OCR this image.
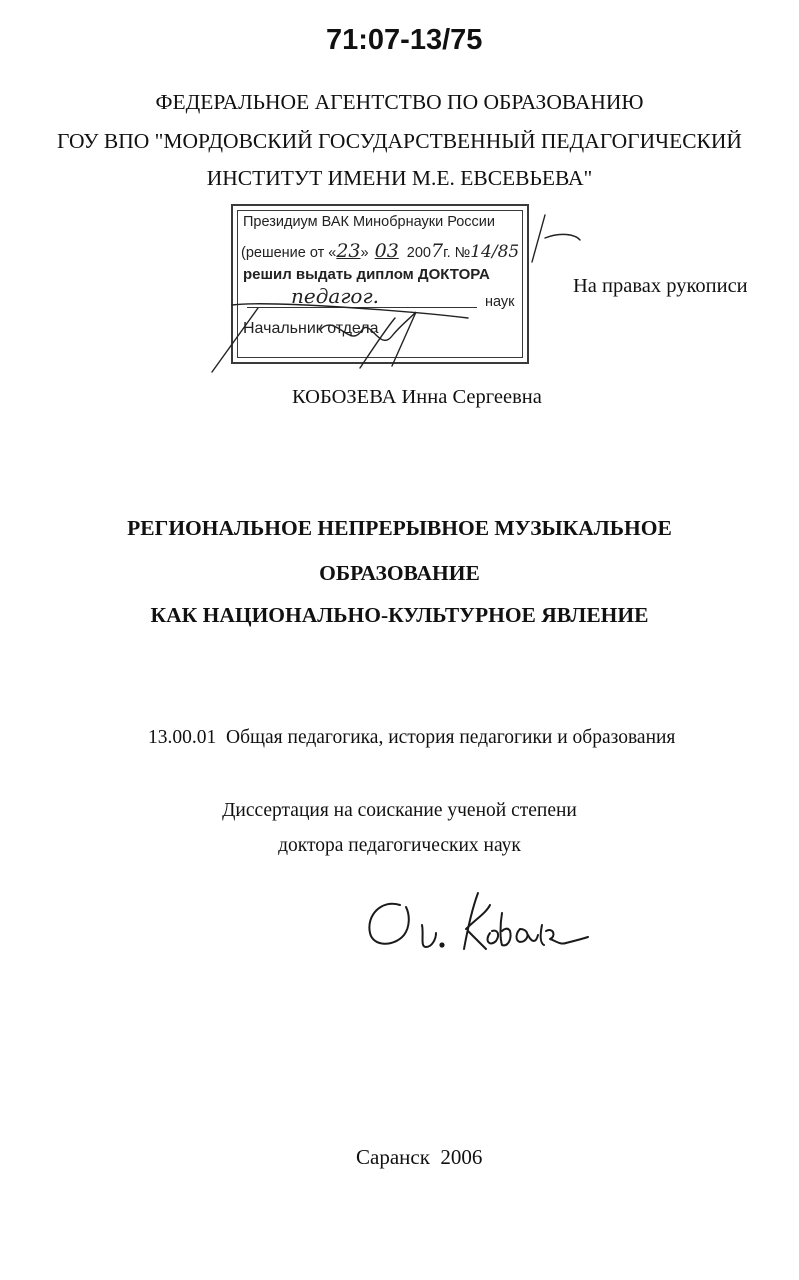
71:07-13/75
ФЕДЕРАЛЬНОЕ АГЕНТСТВО ПО ОБРАЗОВАНИЮ
ГОУ ВПО "МОРДОВСКИЙ ГОСУДАРСТВЕННЫЙ ПЕДАГОГИЧЕСКИЙ
ИНСТИТУТ ИМЕНИ М.Е. ЕВСЕВЬЕВА"
Президиум ВАК Минобрнауки России
(решение от «23» 03 2007г. №14/85
решил выдать диплом ДОКТОРА
педагог.	наук
Начальник отдела
На правах рукописи
КОБОЗЕВА Инна Сергеевна
РЕГИОНАЛЬНОЕ НЕПРЕРЫВНОЕ МУЗЫКАЛЬНОЕ
ОБРАЗОВАНИЕ
КАК НАЦИОНАЛЬНО-КУЛЬТУРНОЕ ЯВЛЕНИЕ
13.00.01  Общая педагогика, история педагогики и образования
Диссертация на соискание ученой степени
доктора педагогических наук
Саранск  2006
